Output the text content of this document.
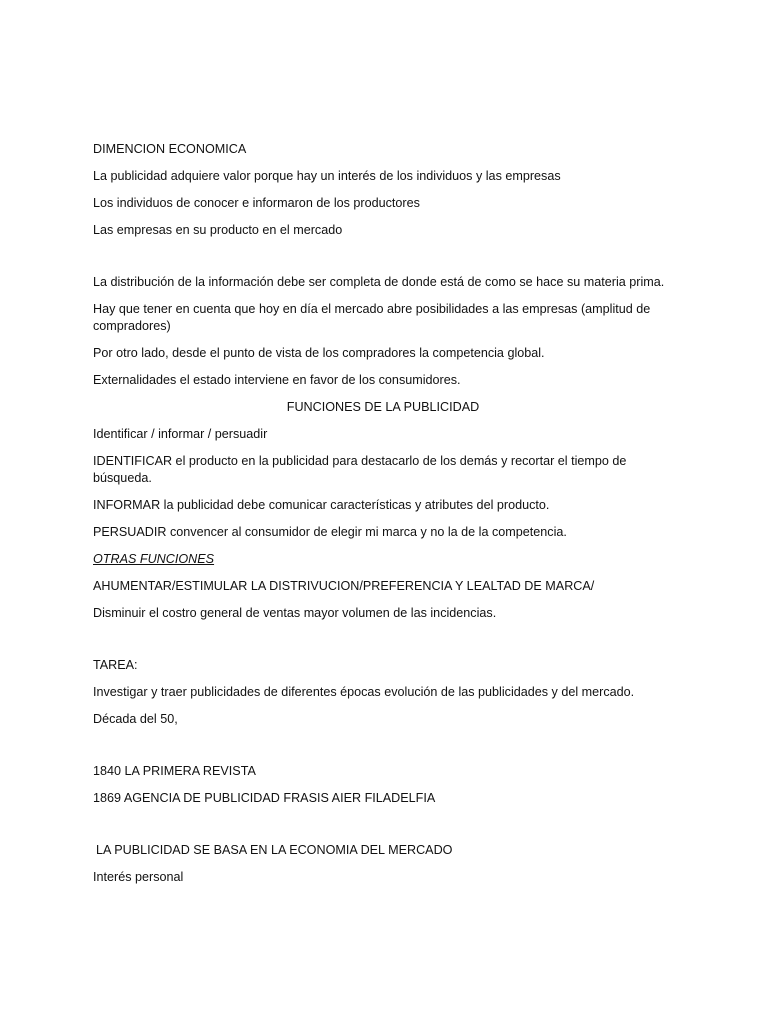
DIMENCION ECONOMICA

La publicidad adquiere valor porque hay un interés de los individuos y las empresas

Los individuos de conocer e informaron de los productores

Las empresas en su producto en el mercado

La distribución de la información debe ser completa de donde está de como se hace su materia prima.

Hay que tener en cuenta que hoy en día el mercado abre posibilidades a las empresas (amplitud de compradores)

Por otro lado, desde el punto de vista de los compradores la competencia global.

Externalidades el estado interviene en favor de los consumidores.

FUNCIONES DE LA PUBLICIDAD

Identificar / informar / persuadir

IDENTIFICAR el producto en la publicidad para destacarlo de los demás y recortar el tiempo de búsqueda.

INFORMAR la publicidad debe comunicar características y atributes del producto.

PERSUADIR convencer al consumidor de elegir mi marca y no la de la competencia.

OTRAS FUNCIONES

AHUMENTAR/ESTIMULAR LA DISTRIVUCION/PREFERENCIA Y LEALTAD DE MARCA/

Disminuir el costro general de ventas mayor volumen de las incidencias.

TAREA:

Investigar y traer publicidades de diferentes épocas evolución de las publicidades y del mercado.

Década del 50,

1840 LA PRIMERA REVISTA

1869 AGENCIA DE PUBLICIDAD FRASIS AIER FILADELFIA

LA PUBLICIDAD SE BASA EN LA ECONOMIA DEL MERCADO

Interés personal
